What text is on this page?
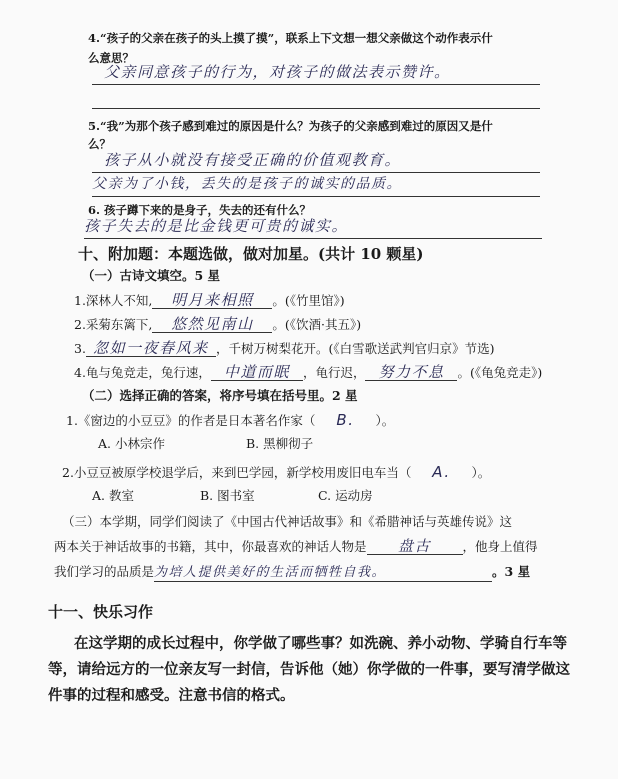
4.“孩子的父亲在孩子的头上摸了摸”，联系上下文想一想父亲做这个动作表示什
么意思？
父亲同意孩子的行为，对孩子的做法表示赞许。
5.“我”为那个孩子感到难过的原因是什么？为孩子的父亲感到难过的原因又是什
么？
孩子从小就没有接受正确的价值观教育。
父亲为了小钱，丢失的是孩子的诚实的品质。
6. 孩子蹲下来的是身子，失去的还有什么？
孩子失去的是比金钱更可贵的诚实。
十、附加题：本题选做，做对加星。(共计 10 颗星)
（一）古诗文填空。5 星
1.深林人不知, 明月来相照 。(《竹里馆》)
2.采菊东篱下, 悠然见南山 。(《饮酒·其五》)
3. 忽如一夜春风来 ，千树万树梨花开。(《白雪歌送武判官归京》节选)
4.龟与兔竞走，兔行速， 中道而眠 ，龟行迟， 努力不息 。(《龟兔竞走》)
（二）选择正确的答案，将序号填在括号里。2 星
1.《窗边的小豆豆》的作者是日本著名作家（ B. ）。
A. 小林宗作	B. 黑柳彻子
2.小豆豆被原学校退学后，来到巴学园，新学校用废旧电车当（ A. ）。
A. 教室	B. 图书室	C. 运动房
（三）本学期，同学们阅读了《中国古代神话故事》和《希腊神话与英雄传说》这
两本关于神话故事的书籍，其中，你最喜欢的神话人物是 盘古	，他身上值得
我们学习的品质是为培人提供美好的生活而牺牲自我。	。3 星
十一、快乐习作
在这学期的成长过程中，你学做了哪些事？如洗碗、养小动物、学骑自行车等
等，请给远方的一位亲友写一封信，告诉他（她）你学做的一件事，要写清学做这
件事的过程和感受。注意书信的格式。
